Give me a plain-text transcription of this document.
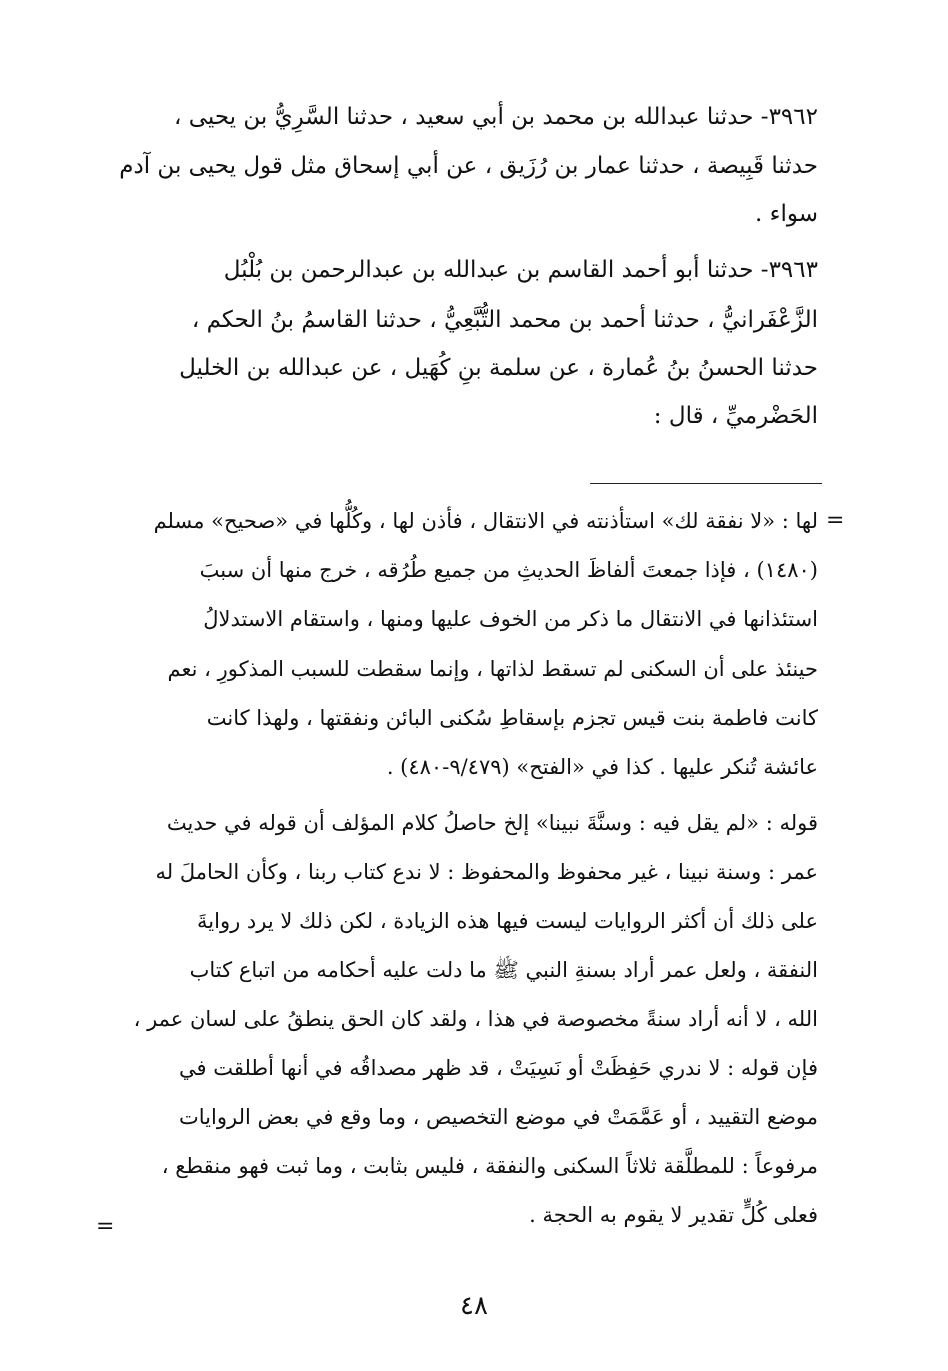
٣٩٦٢- حدثنا عبدالله بن محمد بن أبي سعيد ، حدثنا السَّرِيُّ بن يحيى ،
حدثنا قَبِيصة ، حدثنا عمار بن رُزَيق ، عن أبي إسحاق مثل قول يحيى بن آدم
سواء .
٣٩٦٣- حدثنا أبو أحمد القاسم بن عبدالله بن عبدالرحمن بن بُلْبُل
الزَّعْفَرانيُّ ، حدثنا أحمد بن محمد التُّبَّعِيُّ ، حدثنا القاسمُ بنُ الحكم ،
حدثنا الحسنُ بنُ عُمارة ، عن سلمة بنِ كُهَيل ، عن عبدالله بن الخليل
الحَضْرميِّ ، قال :
=
لها : «لا نفقة لك» استأذنته في الانتقال ، فأذن لها ، وكُلُّها في «صحيح» مسلم
(١٤٨٠) ، فإذا جمعتَ ألفاظَ الحديثِ من جميع طُرُقه ، خرج منها أن سببَ
استئذانها في الانتقال ما ذكر من الخوف عليها ومنها ، واستقام الاستدلالُ
حينئذ على أن السكنى لم تسقط لذاتها ، وإنما سقطت للسبب المذكورِ ، نعم
كانت فاطمة بنت قيس تجزم بإسقاطِ سُكنى البائن ونفقتها ، ولهذا كانت
عائشة تُنكر عليها . كذا في «الفتح» (٩/٤٧٩-٤٨٠) .
قوله : «لم يقل فيه : وسنَّةَ نبينا» إلخ حاصلُ كلام المؤلف أن قوله في حديث
عمر : وسنة نبينا ، غير محفوظ والمحفوظ : لا ندع كتاب ربنا ، وكأن الحاملَ له
على ذلك أن أكثر الروايات ليست فيها هذه الزيادة ، لكن ذلك لا يرد روايةَ
النفقة ، ولعل عمر أراد بسنةِ النبي ﷺ ما دلت عليه أحكامه من اتباع كتاب
الله ، لا أنه أراد سنةً مخصوصة في هذا ، ولقد كان الحق ينطقُ على لسان عمر ،
فإن قوله : لا ندري حَفِظَتْ أو نَسِيَتْ ، قد ظهر مصداقُه في أنها أطلقت في
موضع التقييد ، أو عَمَّمَتْ في موضع التخصيص ، وما وقع في بعض الروايات
مرفوعاً : للمطلَّقة ثلاثاً السكنى والنفقة ، فليس بثابت ، وما ثبت فهو منقطع ،
فعلى كُلٍّ تقدير لا يقوم به الحجة .
=
٤٨
